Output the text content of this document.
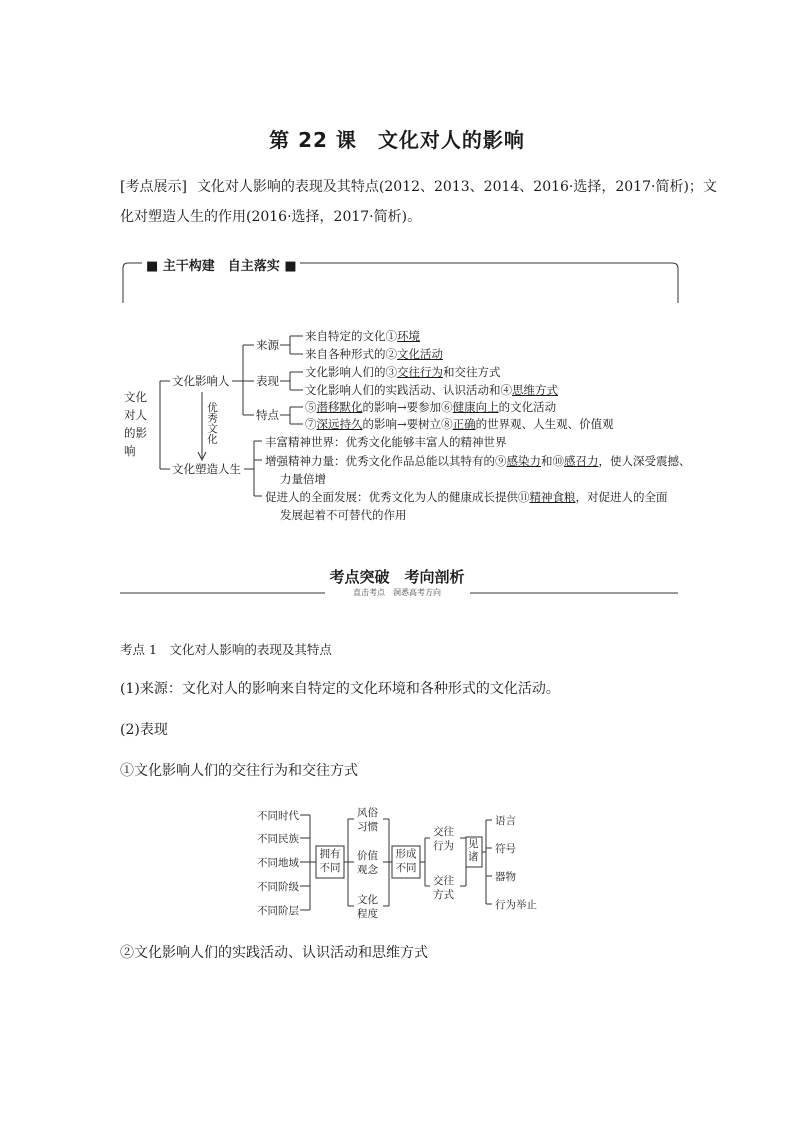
第 22 课　文化对人的影响
[考点展示] 文化对人影响的表现及其特点(2012、2013、2014、2016·选择，2017·简析)；文
化对塑造人生的作用(2016·选择，2017·简析)。
■ 主干构建　自主落实 ■
文化
对人
的影
响
文化影响人
文化塑造人生
优秀文化
来源
表现
特点
来自特定的文化①环境
来自各种形式的②文化活动
文化影响人们的③交往行为和交往方式
文化影响人们的实践活动、认识活动和④思维方式
⑤潜移默化的影响→要参加⑥健康向上的文化活动
⑦深远持久的影响→要树立⑧正确的世界观、人生观、价值观
丰富精神世界：优秀文化能够丰富人的精神世界
增强精神力量：优秀文化作品总能以其特有的⑨感染力和⑩感召力，使人深受震撼、
力量倍增
促进人的全面发展：优秀文化为人的健康成长提供⑪精神食粮，对促进人的全面
发展起着不可替代的作用
考点突破　考向剖析
直击考点　洞悉高考方向
考点 1　文化对人影响的表现及其特点
(1)来源：文化对人的影响来自特定的文化环境和各种形式的文化活动。
(2)表现
①文化影响人们的交往行为和交往方式
不同时代
不同民族
不同地域
不同阶级
不同阶层
拥有
不同
风俗
习惯
价值
观念
文化
程度
形成
不同
交往
行为
交往
方式
见
诸
语言
符号
器物
行为举止
②文化影响人们的实践活动、认识活动和思维方式
